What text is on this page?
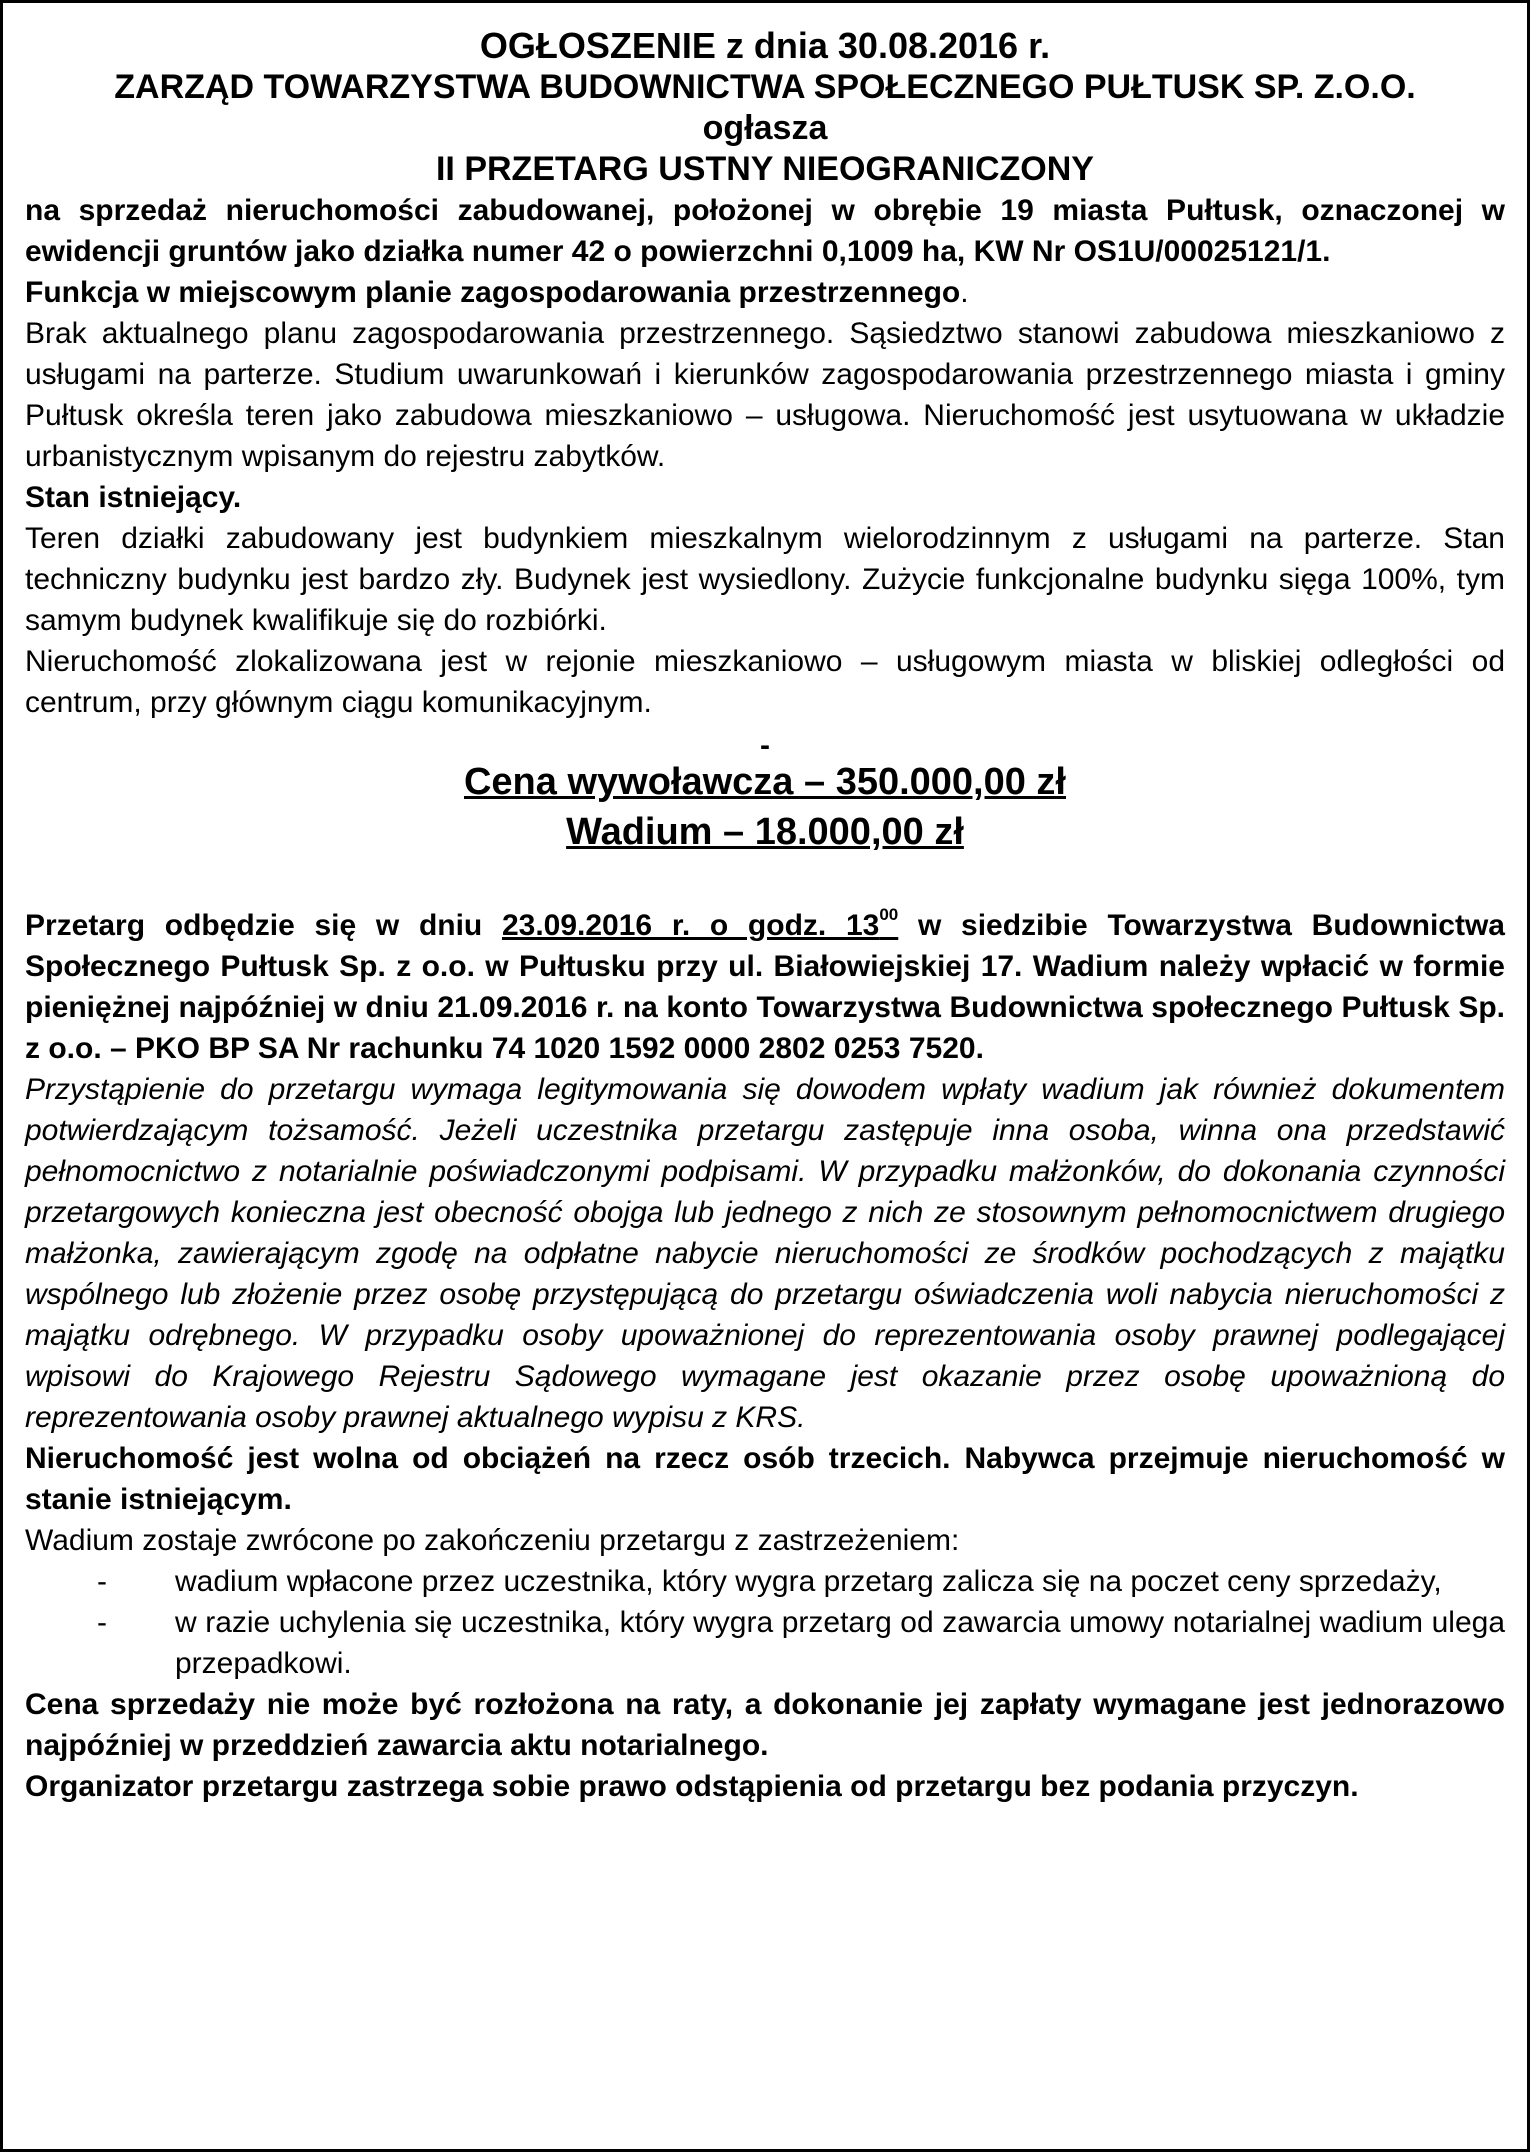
OGŁOSZENIE z dnia 30.08.2016 r.

ZARZĄD TOWARZYSTWA BUDOWNICTWA SPOŁECZNEGO PUŁTUSK SP. Z.O.O.

ogłasza

II PRZETARG USTNY NIEOGRANICZONY

na sprzedaż nieruchomości zabudowanej, położonej w obrębie 19 miasta Pułtusk, oznaczonej w ewidencji gruntów jako działka numer 42 o powierzchni 0,1009 ha, KW Nr OS1U/00025121/1.

Funkcja w miejscowym planie zagospodarowania przestrzennego.

Brak aktualnego planu zagospodarowania przestrzennego. Sąsiedztwo stanowi zabudowa mieszkaniowo z usługami na parterze. Studium uwarunkowań i kierunków zagospodarowania przestrzennego miasta i gminy Pułtusk określa teren jako zabudowa mieszkaniowo – usługowa. Nieruchomość jest usytuowana w układzie urbanistycznym wpisanym do rejestru zabytków.

Stan istniejący.

Teren działki zabudowany jest budynkiem mieszkalnym wielorodzinnym z usługami na parterze. Stan techniczny budynku jest bardzo zły. Budynek jest wysiedlony. Zużycie funkcjonalne budynku sięga 100%, tym samym budynek kwalifikuje się do rozbiórki.

Nieruchomość zlokalizowana jest w rejonie mieszkaniowo – usługowym miasta w bliskiej odległości od centrum, przy głównym ciągu komunikacyjnym.

-

Cena wywoławcza – 350.000,00 zł

Wadium – 18.000,00 zł

Przetarg odbędzie się w dniu 23.09.2016 r. o godz. $13^{00}$ w siedzibie Towarzystwa Budownictwa Społecznego Pułtusk Sp. z o.o. w Pułtusku przy ul. Białowiejskiej 17. Wadium należy wpłacić w formie pieniężnej najpóźniej w dniu 21.09.2016 r. na konto Towarzystwa Budownictwa społecznego Pułtusk Sp. z o.o. – PKO BP SA Nr rachunku 74 1020 1592 0000 2802 0253 7520.

Przystąpienie do przetargu wymaga legitymowania się dowodem wpłaty wadium jak również dokumentem potwierdzającym tożsamość. Jeżeli uczestnika przetargu zastępuje inna osoba, winna ona przedstawić pełnomocnictwo z notarialnie poświadczonymi podpisami. W przypadku małżonków, do dokonania czynności przetargowych konieczna jest obecność obojga lub jednego z nich ze stosownym pełnomocnictwem drugiego małżonka, zawierającym zgodę na odpłatne nabycie nieruchomości ze środków pochodzących z majątku wspólnego lub złożenie przez osobę przystępującą do przetargu oświadczenia woli nabycia nieruchomości z majątku odrębnego. W przypadku osoby upoważnionej do reprezentowania osoby prawnej podlegającej wpisowi do Krajowego Rejestru Sądowego wymagane jest okazanie przez osobę upoważnioną do reprezentowania osoby prawnej aktualnego wypisu z KRS.

Nieruchomość jest wolna od obciążeń na rzecz osób trzecich. Nabywca przejmuje nieruchomość w stanie istniejącym.

Wadium zostaje zwrócone po zakończeniu przetargu z zastrzeżeniem:

-	wadium wpłacone przez uczestnika, który wygra przetarg zalicza się na poczet ceny sprzedaży,
-	w razie uchylenia się uczestnika, który wygra przetarg od zawarcia umowy notarialnej wadium ulega przepadkowi.

Cena sprzedaży nie może być rozłożona na raty, a dokonanie jej zapłaty wymagane jest jednorazowo najpóźniej w przeddzień zawarcia aktu notarialnego.

Organizator przetargu zastrzega sobie prawo odstąpienia od przetargu bez podania przyczyn.
